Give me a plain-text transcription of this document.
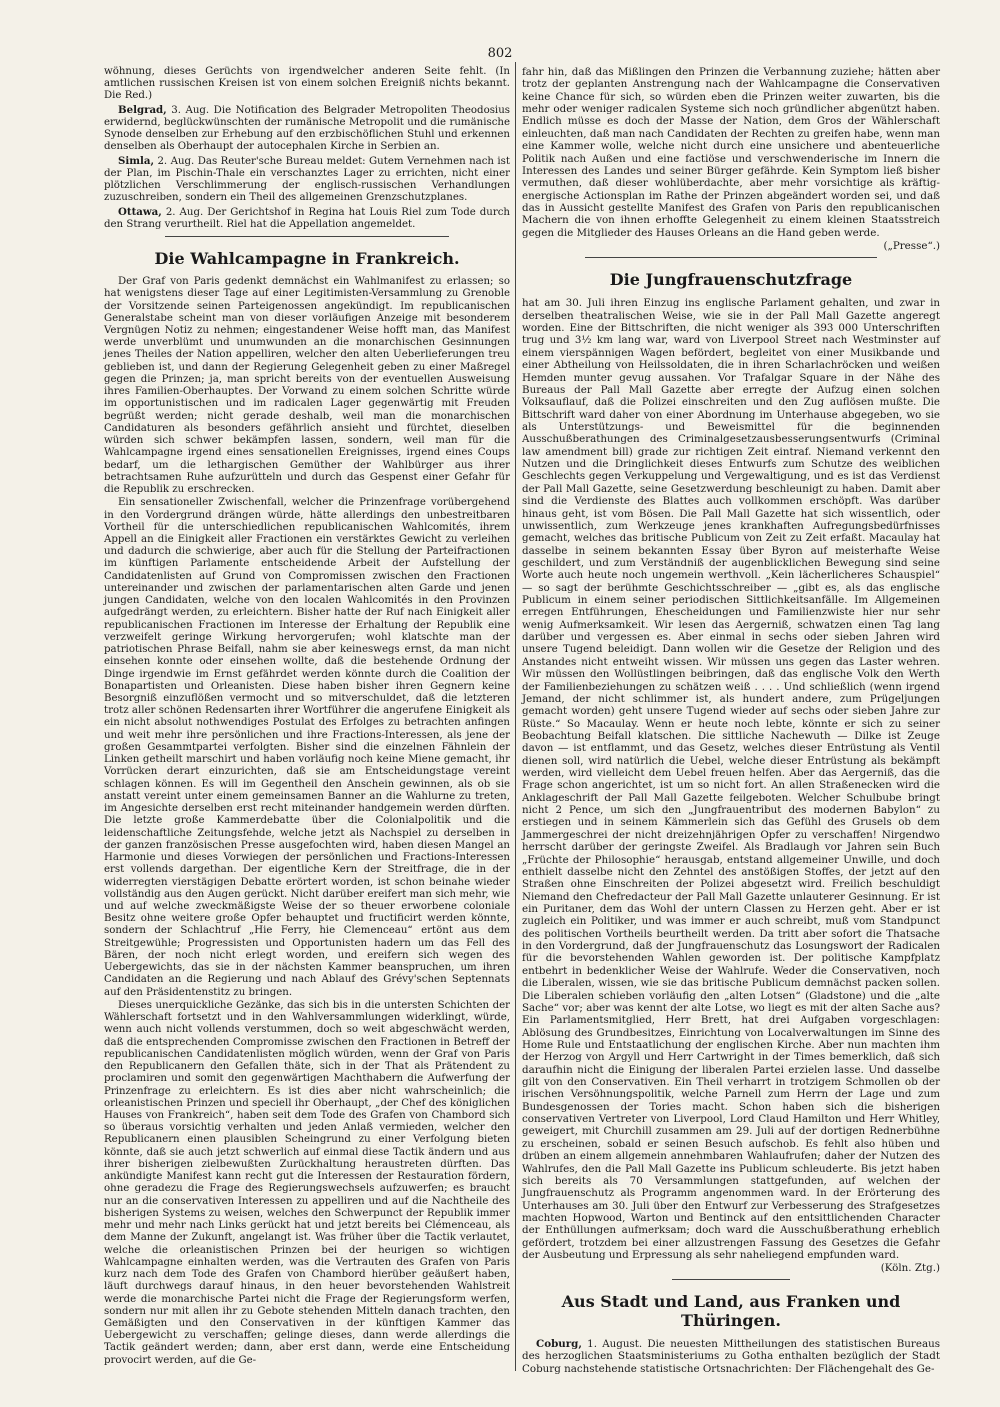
802

wöhnung, dieses Gerüchts von irgendwelcher anderen Seite fehlt. (In amtlichen russischen Kreisen ist von einem solchen Ereigniß nichts bekannt. Die Red.)

Belgrad, 3. Aug. Die Notification des Belgrader Metropoliten Theodosius erwidernd, beglückwünschten der rumänische Metropolit und die rumänische Synode denselben zur Erhebung auf den erzbischöflichen Stuhl und erkennen denselben als Oberhaupt der autocephalen Kirche in Serbien an.

Simla, 2. Aug. Das Reuter'sche Bureau meldet: Gutem Vernehmen nach ist der Plan, im Pischin-Thale ein verschanztes Lager zu errichten, nicht einer plötzlichen Verschlimmerung der englisch-russischen Verhandlungen zuzuschreiben, sondern ein Theil des allgemeinen Grenzschutzplanes.

Ottawa, 2. Aug. Der Gerichtshof in Regina hat Louis Riel zum Tode durch den Strang verurtheilt. Riel hat die Appellation angemeldet.

Die Wahlcampagne in Frankreich.

Der Graf von Paris gedenkt demnächst ein Wahlmanifest zu erlassen; so hat wenigstens dieser Tage auf einer Legitimisten-Versammlung zu Grenoble der Vorsitzende seinen Parteigenossen angekündigt. Im republicanischen Generalstabe scheint man von dieser vorläufigen Anzeige mit besonderem Vergnügen Notiz zu nehmen; eingestandener Weise hofft man, das Manifest werde unverblümt und unumwunden an die monarchischen Gesinnungen jenes Theiles der Nation appelliren, welcher den alten Ueberlieferungen treu geblieben ist, und dann der Regierung Gelegenheit geben zu einer Maßregel gegen die Prinzen; ja, man spricht bereits von der eventuellen Ausweisung ihres Familien-Oberhauptes. Der Vorwand zu einem solchen Schritte würde im opportunistischen und im radicalen Lager gegenwärtig mit Freuden begrüßt werden; nicht gerade deshalb, weil man die monarchischen Candidaturen als besonders gefährlich ansieht und fürchtet, dieselben würden sich schwer bekämpfen lassen, sondern, weil man für die Wahlcampagne irgend eines sensationellen Ereignisses, irgend eines Coups bedarf, um die lethargischen Gemüther der Wahlbürger aus ihrer betrachtsamen Ruhe aufzurütteln und durch das Gespenst einer Gefahr für die Republik zu erschrecken.

Ein sensationeller Zwischenfall, welcher die Prinzenfrage vorübergehend in den Vordergrund drängen würde, hätte allerdings den unbestreitbaren Vortheil für die unterschiedlichen republicanischen Wahlcomités, ihrem Appell an die Einigkeit aller Fractionen ein verstärktes Gewicht zu verleihen und dadurch die schwierige, aber auch für die Stellung der Parteifractionen im künftigen Parlamente entscheidende Arbeit der Aufstellung der Candidatenlisten auf Grund von Compromissen zwischen den Fractionen untereinander und zwischen der parlamentarischen alten Garde und jenen jungen Candidaten, welche von den localen Wahlcomités in den Provinzen aufgedrängt werden, zu erleichtern. Bisher hatte der Ruf nach Einigkeit aller republicanischen Fractionen im Interesse der Erhaltung der Republik eine verzweifelt geringe Wirkung hervorgerufen; wohl klatschte man der patriotischen Phrase Beifall, nahm sie aber keineswegs ernst, da man nicht einsehen konnte oder einsehen wollte, daß die bestehende Ordnung der Dinge irgendwie im Ernst gefährdet werden könnte durch die Coalition der Bonapartisten und Orleanisten. Diese haben bisher ihren Gegnern keine Besorgniß einzuflößen vermocht und so mitverschuldet, daß die letzteren trotz aller schönen Redensarten ihrer Wortführer die angerufene Einigkeit als ein nicht absolut nothwendiges Postulat des Erfolges zu betrachten anfingen und weit mehr ihre persönlichen und ihre Fractions-Interessen, als jene der großen Gesammtpartei verfolgten. Bisher sind die einzelnen Fähnlein der Linken getheilt marschirt und haben vorläufig noch keine Miene gemacht, ihr Vorrücken derart einzurichten, daß sie am Entscheidungstage vereint schlagen können. Es will im Gegentheil den Anschein gewinnen, als ob sie anstatt vereint unter einem gemeinsamen Banner an die Wahlurne zu treten, im Angesichte derselben erst recht miteinander handgemein werden dürften. Die letzte große Kammerdebatte über die Colonialpolitik und die leidenschaftliche Zeitungsfehde, welche jetzt als Nachspiel zu derselben in der ganzen französischen Presse ausgefochten wird, haben diesen Mangel an Harmonie und dieses Vorwiegen der persönlichen und Fractions-Interessen erst vollends dargethan. Der eigentliche Kern der Streitfrage, die in der widerregten vierstägigen Debatte erörtert worden, ist schon beinahe wieder vollständig aus den Augen gerückt. Nicht darüber ereifert man sich mehr, wie und auf welche zweckmäßigste Weise der so theuer erworbene coloniale Besitz ohne weitere große Opfer behauptet und fructificirt werden könnte, sondern der Schlachtruf „Hie Ferry, hie Clemenceau“ ertönt aus dem Streitgewühle; Progressisten und Opportunisten hadern um das Fell des Bären, der noch nicht erlegt worden, und ereifern sich wegen des Uebergewichts, das sie in der nächsten Kammer beanspruchen, um ihren Candidaten an die Regierung und nach Ablauf des Grévy'schen Septennats auf den Präsidentenstitz zu bringen.

Dieses unerquickliche Gezänke, das sich bis in die untersten Schichten der Wählerschaft fortsetzt und in den Wahlversammlungen widerklingt, würde, wenn auch nicht vollends verstummen, doch so weit abgeschwächt werden, daß die entsprechenden Compromisse zwischen den Fractionen in Betreff der republicanischen Candidatenlisten möglich würden, wenn der Graf von Paris den Republicanern den Gefallen thäte, sich in der That als Prätendent zu proclamiren und somit den gegenwärtigen Machthabern die Aufwerfung der Prinzenfrage zu erleichtern. Es ist dies aber nicht wahrscheinlich; die orleanistischen Prinzen und speciell ihr Oberhaupt, „der Chef des königlichen Hauses von Frankreich“, haben seit dem Tode des Grafen von Chambord sich so überaus vorsichtig verhalten und jeden Anlaß vermieden, welcher den Republicanern einen plausiblen Scheingrund zu einer Verfolgung bieten könnte, daß sie auch jetzt schwerlich auf einmal diese Tactik ändern und aus ihrer bisherigen zielbewußten Zurückhaltung heraustreten dürften. Das ankündigte Manifest kann recht gut die Interessen der Restauration fördern, ohne geradezu die Frage des Regierungswechsels aufzuwerfen; es braucht nur an die conservativen Interessen zu appelliren und auf die Nachtheile des bisherigen Systems zu weisen, welches den Schwerpunct der Republik immer mehr und mehr nach Links gerückt hat und jetzt bereits bei Clémenceau, als dem Manne der Zukunft, angelangt ist. Was früher über die Tactik verlautet, welche die orleanistischen Prinzen bei der heurigen so wichtigen Wahlcampagne einhalten werden, was die Vertrauten des Grafen von Paris kurz nach dem Tode des Grafen von Chambord hierüber geäußert haben, läuft durchwegs darauf hinaus, in den heuer bevorstehenden Wahlstreit werde die monarchische Partei nicht die Frage der Regierungsform werfen, sondern nur mit allen ihr zu Gebote stehenden Mitteln danach trachten, den Gemäßigten und den Conservativen in der künftigen Kammer das Uebergewicht zu verschaffen; gelinge dieses, dann werde allerdings die Tactik geändert werden; dann, aber erst dann, werde eine Entscheidung provocirt werden, auf die Ge-

fahr hin, daß das Mißlingen den Prinzen die Verbannung zuziehe; hätten aber trotz der geplanten Anstrengung nach der Wahlcampagne die Conservativen keine Chance für sich, so würden eben die Prinzen weiter zuwarten, bis die mehr oder weniger radicalen Systeme sich noch gründlicher abgenützt haben. Endlich müsse es doch der Masse der Nation, dem Gros der Wählerschaft einleuchten, daß man nach Candidaten der Rechten zu greifen habe, wenn man eine Kammer wolle, welche nicht durch eine unsichere und abenteuerliche Politik nach Außen und eine factiöse und verschwenderische im Innern die Interessen des Landes und seiner Bürger gefährde. Kein Symptom ließ bisher vermuthen, daß dieser wohlüberdachte, aber mehr vorsichtige als kräftig-energische Actionsplan im Rathe der Prinzen abgeändert worden sei, und daß das in Aussicht gestellte Manifest des Grafen von Paris den republicanischen Machern die von ihnen erhoffte Gelegenheit zu einem kleinen Staatsstreich gegen die Mitglieder des Hauses Orleans an die Hand geben werde.

(„Presse“.)
Die Jungfrauenschutzfrage

hat am 30. Juli ihren Einzug ins englische Parlament gehalten, und zwar in derselben theatralischen Weise, wie sie in der Pall Mall Gazette angeregt worden. Eine der Bittschriften, die nicht weniger als 393 000 Unterschriften trug und 3½ km lang war, ward von Liverpool Street nach Westminster auf einem vierspännigen Wagen befördert, begleitet von einer Musikbande und einer Abtheilung von Heilssoldaten, die in ihren Scharlachröcken und weißen Hemden munter gevug aussahen. Vor Trafalgar Square in der Nähe des Bureaus der Pall Mall Gazette aber erregte der Aufzug einen solchen Volksauflauf, daß die Polizei einschreiten und den Zug auflösen mußte. Die Bittschrift ward daher von einer Abordnung im Unterhause abgegeben, wo sie als Unterstützungs- und Beweismittel für die beginnenden Ausschußberathungen des Criminalgesetzausbesserungsentwurfs (Criminal law amendment bill) grade zur richtigen Zeit eintraf. Niemand verkennt den Nutzen und die Dringlichkeit dieses Entwurfs zum Schutze des weiblichen Geschlechts gegen Verkuppelung und Vergewaltigung, und es ist das Verdienst der Pall Mall Gazette, seine Gesetzwerdung beschleunigt zu haben. Damit aber sind die Verdienste des Blattes auch vollkommen erschöpft. Was darüber hinaus geht, ist vom Bösen. Die Pall Mall Gazette hat sich wissentlich, oder unwissentlich, zum Werkzeuge jenes krankhaften Aufregungsbedürfnisses gemacht, welches das britische Publicum von Zeit zu Zeit erfaßt. Macaulay hat dasselbe in seinem bekannten Essay über Byron auf meisterhafte Weise geschildert, und zum Verständniß der augenblicklichen Bewegung sind seine Worte auch heute noch ungemein werthvoll. „Kein lächerlicheres Schauspiel“ — so sagt der berühmte Geschichtsschreiber — „gibt es, als das englische Publicum in einem seiner periodischen Sittlichkeitsanfälle. Im Allgemeinen erregen Entführungen, Ehescheidungen und Familienzwiste hier nur sehr wenig Aufmerksamkeit. Wir lesen das Aergerniß, schwatzen einen Tag lang darüber und vergessen es. Aber einmal in sechs oder sieben Jahren wird unsere Tugend beleidigt. Dann wollen wir die Gesetze der Religion und des Anstandes nicht entweiht wissen. Wir müssen uns gegen das Laster wehren. Wir müssen den Wollüstlingen beibringen, daß das englische Volk den Werth der Familienbeziehungen zu schätzen weiß . . . . Und schließlich (wenn irgend Jemand, der nicht schlimmer ist, als hundert andere, zum Prügeljungen gemacht worden) geht unsere Tugend wieder auf sechs oder sieben Jahre zur Rüste.“ So Macaulay. Wenn er heute noch lebte, könnte er sich zu seiner Beobachtung Beifall klatschen. Die sittliche Nachewuth — Dilke ist Zeuge davon — ist entflammt, und das Gesetz, welches dieser Entrüstung als Ventil dienen soll, wird natürlich die Uebel, welche dieser Entrüstung als bekämpft werden, wird vielleicht dem Uebel freuen helfen. Aber das Aergerniß, das die Frage schon angerichtet, ist um so nicht fort. An allen Straßenecken wird die Anklageschrift der Pall Mall Gazette feilgeboten. Welcher Schulbube bringt nicht 2 Pence, um sich den „Jungfrauentribut des modernen Babylon“ zu erstiegen und in seinem Kämmerlein sich das Gefühl des Grusels ob dem Jammergeschrei der nicht dreizehnjährigen Opfer zu verschaffen! Nirgendwo herrscht darüber der geringste Zweifel. Als Bradlaugh vor Jahren sein Buch „Früchte der Philosophie“ herausgab, entstand allgemeiner Unwille, und doch enthielt dasselbe nicht den Zehntel des anstößigen Stoffes, der jetzt auf den Straßen ohne Einschreiten der Polizei abgesetzt wird. Freilich beschuldigt Niemand den Chefredacteur der Pall Mall Gazette unlauterer Gesinnung. Er ist ein Puritaner, dem das Wohl der untern Classen zu Herzen geht. Aber er ist zugleich ein Politiker, und was immer er auch schreibt, muß vom Standpunct des politischen Vortheils beurtheilt werden. Da tritt aber sofort die Thatsache in den Vordergrund, daß der Jungfrauenschutz das Losungswort der Radicalen für die bevorstehenden Wahlen geworden ist. Der politische Kampfplatz entbehrt in bedenklicher Weise der Wahlrufe. Weder die Conservativen, noch die Liberalen, wissen, wie sie das britische Publicum demnächst packen sollen. Die Liberalen schieben vorläufig den „alten Lotsen“ (Gladstone) und die „alte Sache“ vor; aber was kennt der alte Lotse, wo liegt es mit der alten Sache aus? Ein Parlamentsmitglied, Herr Brett, hat drei Aufgaben vorgeschlagen: Ablösung des Grundbesitzes, Einrichtung von Localverwaltungen im Sinne des Home Rule und Entstaatlichung der englischen Kirche. Aber nun machten ihm der Herzog von Argyll und Herr Cartwright in der Times bemerklich, daß sich daraufhin nicht die Einigung der liberalen Partei erzielen lasse. Und dasselbe gilt von den Conservativen. Ein Theil verharrt in trotzigem Schmollen ob der irischen Versöhnungspolitik, welche Parnell zum Herrn der Lage und zum Bundesgenossen der Tories macht. Schon haben sich die bisherigen conservativen Vertreter von Liverpool, Lord Claud Hamilton und Herr Whitley, geweigert, mit Churchill zusammen am 29. Juli auf der dortigen Rednerbühne zu erscheinen, sobald er seinen Besuch aufschob. Es fehlt also hüben und drüben an einem allgemein annehmbaren Wahlaufrufen; daher der Nutzen des Wahlrufes, den die Pall Mall Gazette ins Publicum schleuderte. Bis jetzt haben sich bereits als 70 Versammlungen stattgefunden, auf welchen der Jungfrauenschutz als Programm angenommen ward. In der Erörterung des Unterhauses am 30. Juli über den Entwurf zur Verbesserung des Strafgesetzes machten Hopwood, Warton und Bentinck auf den entsittlichenden Character der Enthüllungen aufmerksam; doch ward die Ausschußberathung erheblich gefördert, trotzdem bei einer allzustrengen Fassung des Gesetzes die Gefahr der Ausbeutung und Erpressung als sehr naheliegend empfunden ward.

(Köln. Ztg.)
Aus Stadt und Land, aus Franken und Thüringen.

Coburg, 1. August. Die neuesten Mittheilungen des statistischen Bureaus des herzoglichen Staatsministeriums zu Gotha enthalten bezüglich der Stadt Coburg nachstehende statistische Ortsnachrichten: Der Flächengehalt des Ge-
